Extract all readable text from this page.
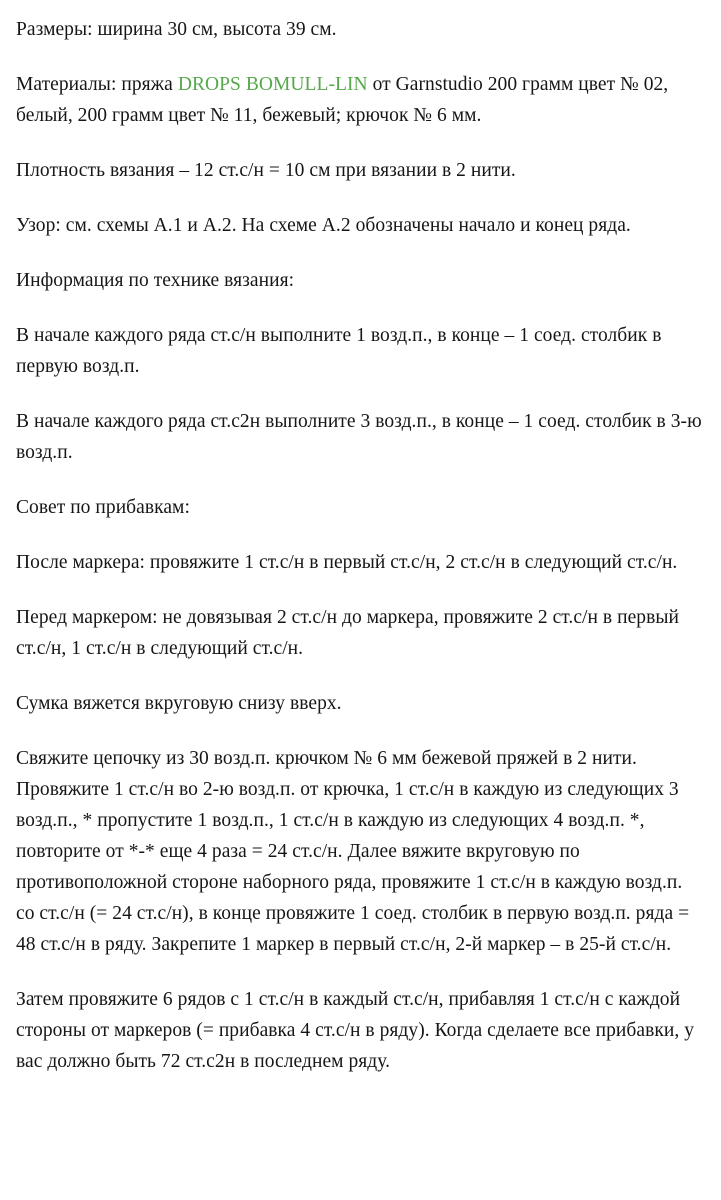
Размеры: ширина 30 см, высота 39 см.

Материалы: пряжа DROPS BOMULL-LIN от Garnstudio 200 грамм цвет № 02, белый, 200 грамм цвет № 11, бежевый; крючок № 6 мм.

Плотность вязания – 12 ст.с/н = 10 см при вязании в 2 нити.

Узор: см. схемы А.1 и А.2. На схеме А.2 обозначены начало и конец ряда.

Информация по технике вязания:

В начале каждого ряда ст.с/н выполните 1 возд.п., в конце – 1 соед. столбик в первую возд.п.

В начале каждого ряда ст.с2н выполните 3 возд.п., в конце – 1 соед. столбик в 3-ю возд.п.

Совет по прибавкам:

После маркера: провяжите 1 ст.с/н в первый ст.с/н, 2 ст.с/н в следующий ст.с/н.

Перед маркером: не довязывая 2 ст.с/н до маркера, провяжите 2 ст.с/н в первый ст.с/н, 1 ст.с/н в следующий ст.с/н.

Сумка вяжется вкруговую снизу вверх.

Свяжите цепочку из 30 возд.п. крючком № 6 мм бежевой пряжей в 2 нити. Провяжите 1 ст.с/н во 2-ю возд.п. от крючка, 1 ст.с/н в каждую из следующих 3 возд.п., * пропустите 1 возд.п., 1 ст.с/н в каждую из следующих 4 возд.п. *, повторите от *-* еще 4 раза = 24 ст.с/н. Далее вяжите вкруговую по противоположной стороне наборного ряда, провяжите 1 ст.с/н в каждую возд.п. со ст.с/н (= 24 ст.с/н), в конце провяжите 1 соед. столбик в первую возд.п. ряда = 48 ст.с/н в ряду. Закрепите 1 маркер в первый ст.с/н, 2-й маркер – в 25-й ст.с/н.

Затем провяжите 6 рядов с 1 ст.с/н в каждый ст.с/н, прибавляя 1 ст.с/н с каждой стороны от маркеров (= прибавка 4 ст.с/н в ряду). Когда сделаете все прибавки, у вас должно быть 72 ст.с2н в последнем ряду.
